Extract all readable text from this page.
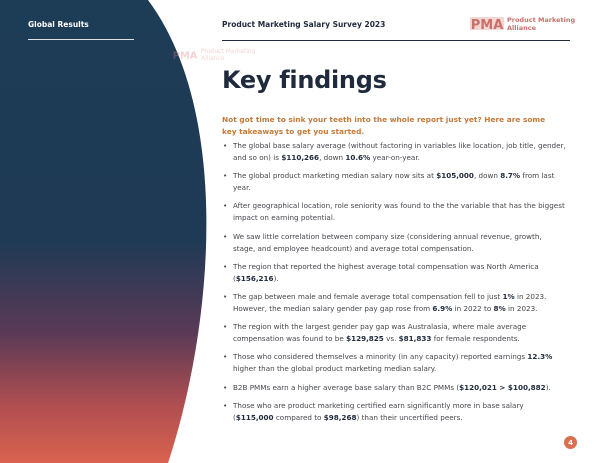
Global Results	Product Marketing Salary Survey 2023	PMA Product Marketing
Alliance
PMA Product Marketing
Alliance
Key findings
Not got time to sink your teeth into the whole report just yet? Here are some key takeaways to get you started.
• The global base salary average (without factoring in variables like location, job title, gender, and so on) is $110,266, down 10.6% year-on-year.
• The global product marketing median salary now sits at $105,000, down 8.7% from last year.
• After geographical location, role seniority was found to the the variable that has the biggest impact on earning potential.
• We saw little correlation between company size (considering annual revenue, growth, stage, and employee headcount) and average total compensation.
• The region that reported the highest average total compensation was North America ($156,216).
• The gap between male and female average total compensation fell to just 1% in 2023. However, the median salary gender pay gap rose from 6.9% in 2022 to 8% in 2023.
• The region with the largest gender pay gap was Australasia, where male average compensation was found to be $129,825 vs. $81,833 for female respondents.
• Those who considered themselves a minority (in any capacity) reported earnings 12.3% higher than the global product marketing median salary.
• B2B PMMs earn a higher average base salary than B2C PMMs ($120,021 > $100,882).
• Those who are product marketing certified earn significantly more in base salary ($115,000 compared to $98,268) than their uncertified peers.
4
